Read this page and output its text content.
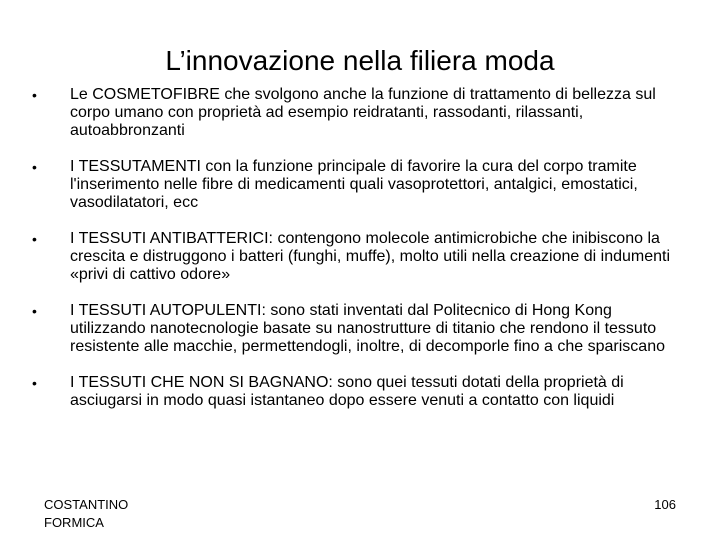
L’innovazione nella filiera moda
•	Le COSMETOFIBRE che svolgono anche la funzione di trattamento di bellezza sul corpo umano con proprietà ad esempio reidratanti, rassodanti, rilassanti, autoabbronzanti
•	I TESSUTAMENTI con la funzione principale di favorire la cura del corpo tramite l'inserimento nelle fibre di medicamenti quali vasoprotettori, antalgici, emostatici, vasodilatatori, ecc
•	I TESSUTI ANTIBATTERICI: contengono molecole antimicrobiche che inibiscono la crescita e distruggono i batteri (funghi, muffe), molto utili nella creazione di indumenti «privi di cattivo odore»
•	I TESSUTI AUTOPULENTI: sono stati inventati dal Politecnico di Hong Kong utilizzando nanotecnologie basate su nanostrutture di titanio che rendono il tessuto resistente alle macchie, permettendogli, inoltre, di decomporle fino a che spariscano
•	I TESSUTI CHE NON SI BAGNANO: sono quei tessuti dotati della proprietà di asciugarsi in modo quasi istantaneo dopo essere venuti a contatto con liquidi
COSTANTINO FORMICA
106
